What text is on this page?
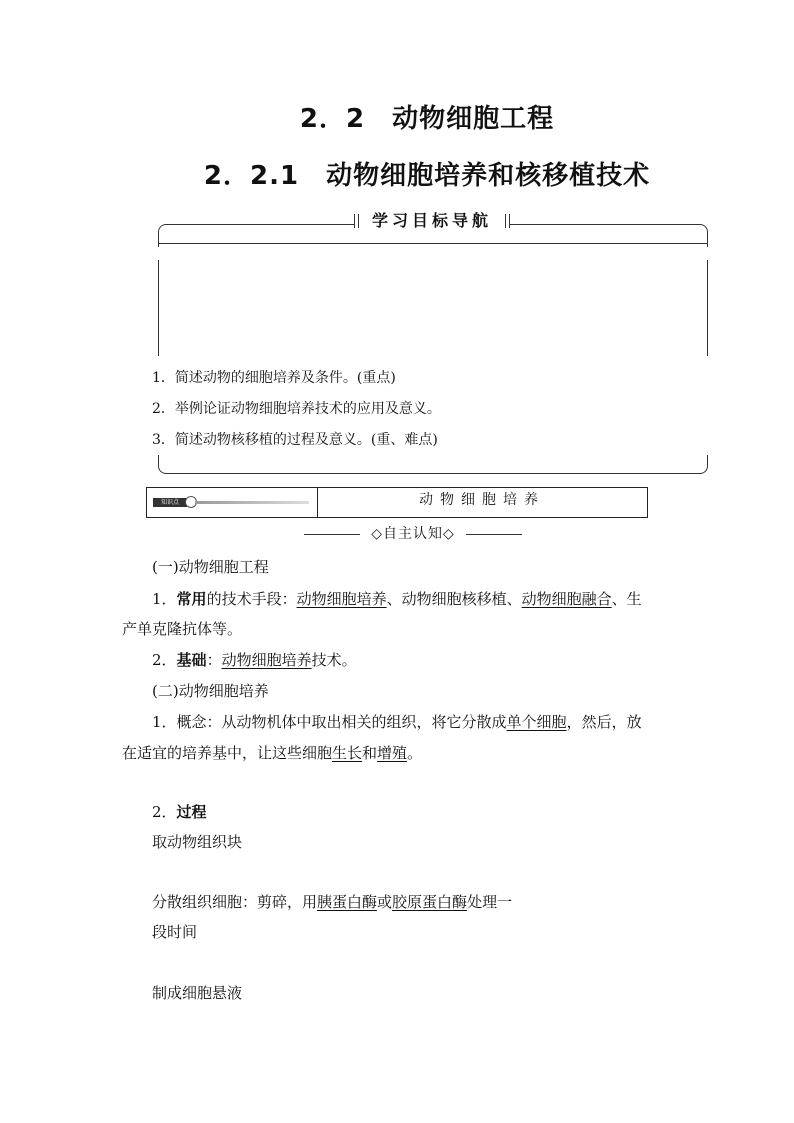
2．2　动物细胞工程
2．2.1　动物细胞培养和核移植技术
学习目标导航
1．简述动物的细胞培养及条件。(重点)
2．举例论证动物细胞培养技术的应用及意义。
3．简述动物核移植的过程及意义。(重、难点)
知识点	动物细胞培养
◇自主认知◇
(一)动物细胞工程
1．常用的技术手段：动物细胞培养、动物细胞核移植、动物细胞融合、生
产单克隆抗体等。
2．基础：动物细胞培养技术。
(二)动物细胞培养
1．概念：从动物机体中取出相关的组织，将它分散成单个细胞，然后，放
在适宜的培养基中，让这些细胞生长和增殖。
2．过程
取动物组织块
分散组织细胞：剪碎，用胰蛋白酶或胶原蛋白酶处理一
段时间
制成细胞悬液
